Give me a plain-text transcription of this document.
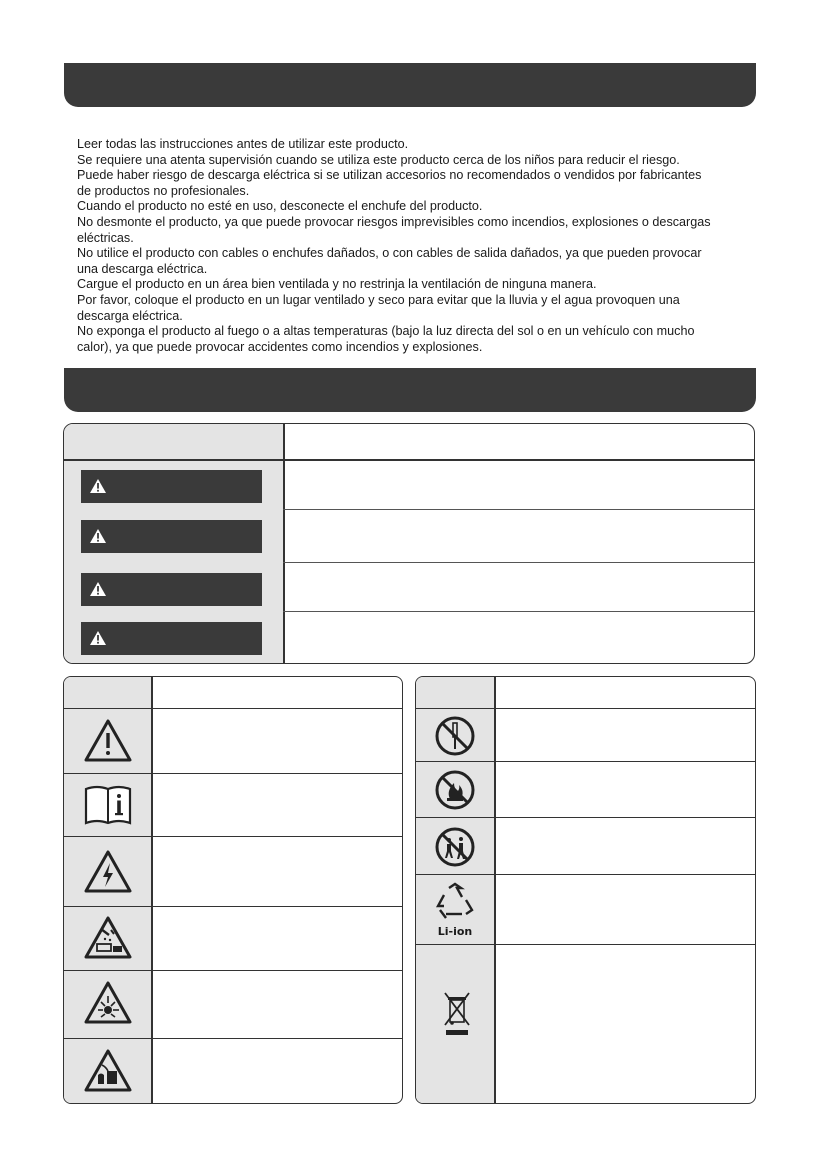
Leer todas las instrucciones antes de utilizar este producto.

Se requiere una atenta supervisión cuando se utiliza este producto cerca de los niños para reducir el riesgo.

Puede haber riesgo de descarga eléctrica si se utilizan accesorios no recomendados o vendidos por fabricantes

de productos no profesionales.

Cuando el producto no esté en uso, desconecte el enchufe del producto.

No desmonte el producto, ya que puede provocar riesgos imprevisibles como incendios, explosiones o descargas

eléctricas.

No utilice el producto con cables o enchufes dañados, o con cables de salida dañados, ya que pueden provocar

una descarga eléctrica.

Cargue el producto en un área bien ventilada y no restrinja la ventilación de ninguna manera.

Por favor, coloque el producto en un lugar ventilado y seco para evitar que la lluvia y el agua provoquen una

descarga eléctrica.

No exponga el producto al fuego o a altas temperaturas (bajo la luz directa del sol o en un vehículo con mucho

calor), ya que puede provocar accidentes como incendios y explosiones.

Li-ion
